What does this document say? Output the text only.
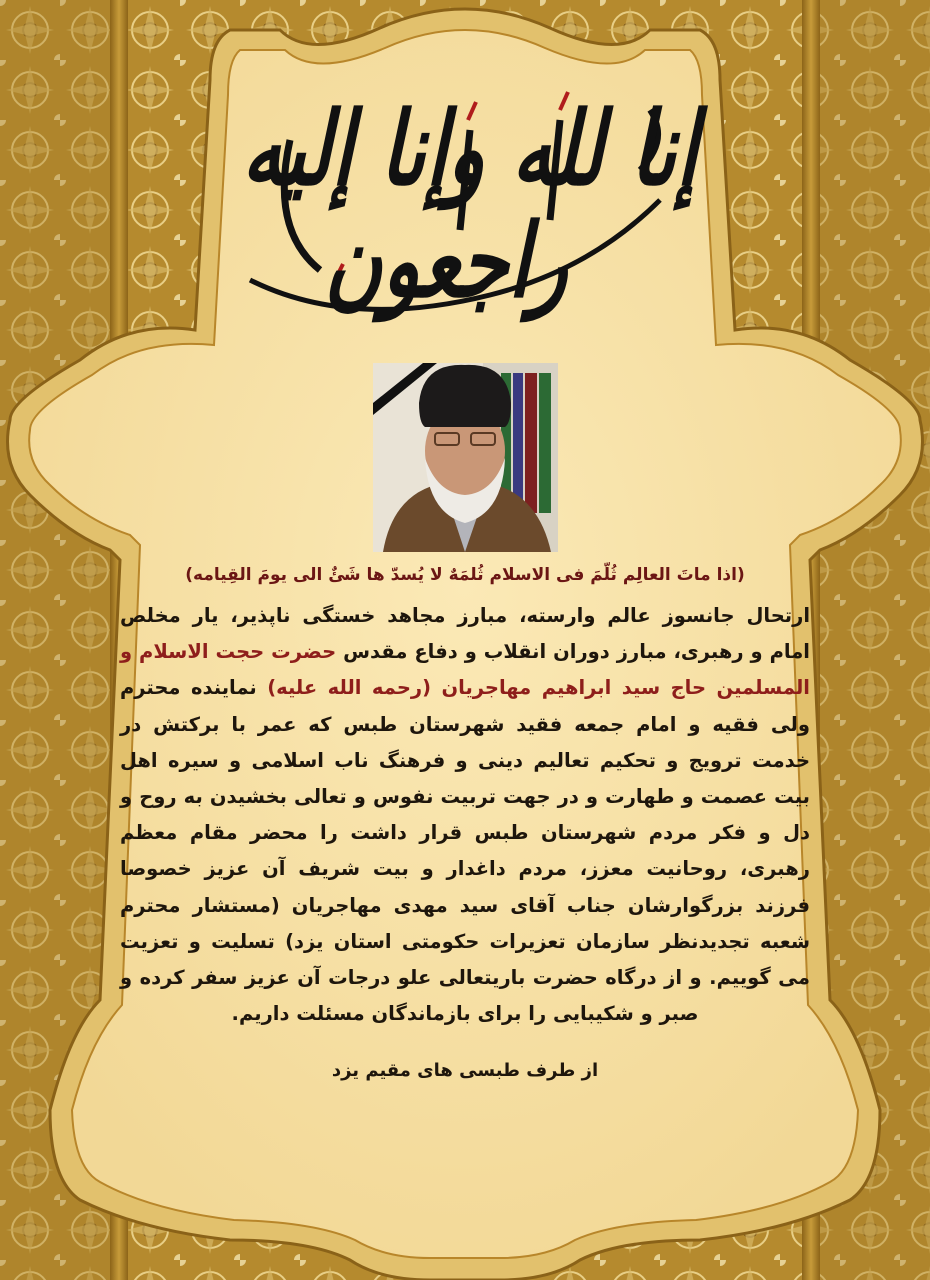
إنا لله وإنا إليه راجعون

(اذا ماتَ العالِم ثُلّمَ فی الاسلام ثُلمَهٌ لا یُسدّ ها شَئٌ الی یومَ القِیامه)

ارتحال جانسوز عالم وارسته، مبارز مجاهد خستگی ناپذیر، یار مخلص امام و رهبری، مبارز دوران انقلاب و دفاع مقدس حضرت حجت الاسلام و المسلمین حاج سید ابراهیم مهاجریان (رحمه الله علیه) نماینده محترم ولی فقیه و امام جمعه فقید شهرستان طبس که عمر با برکتش در خدمت ترویج و تحکیم تعالیم دینی و فرهنگ ناب اسلامی و سیره اهل بیت عصمت و طهارت و در جهت تربیت نفوس و تعالی بخشیدن به روح و دل و فکر مردم شهرستان طبس قرار داشت را محضر مقام معظم رهبری، روحانیت معزز، مردم داغدار و بیت شریف آن عزیز خصوصا فرزند بزرگوارشان جناب آقای سید مهدی مهاجریان (مستشار محترم شعبه تجدیدنظر سازمان تعزیرات حکومتی استان یزد) تسلیت و تعزیت می گوییم. و از درگاه حضرت باریتعالی علو درجات آن عزیز سفر کرده و صبر و شکیبایی را برای بازماندگان مسئلت داریم.

از طرف طبسی های مقیم یزد
